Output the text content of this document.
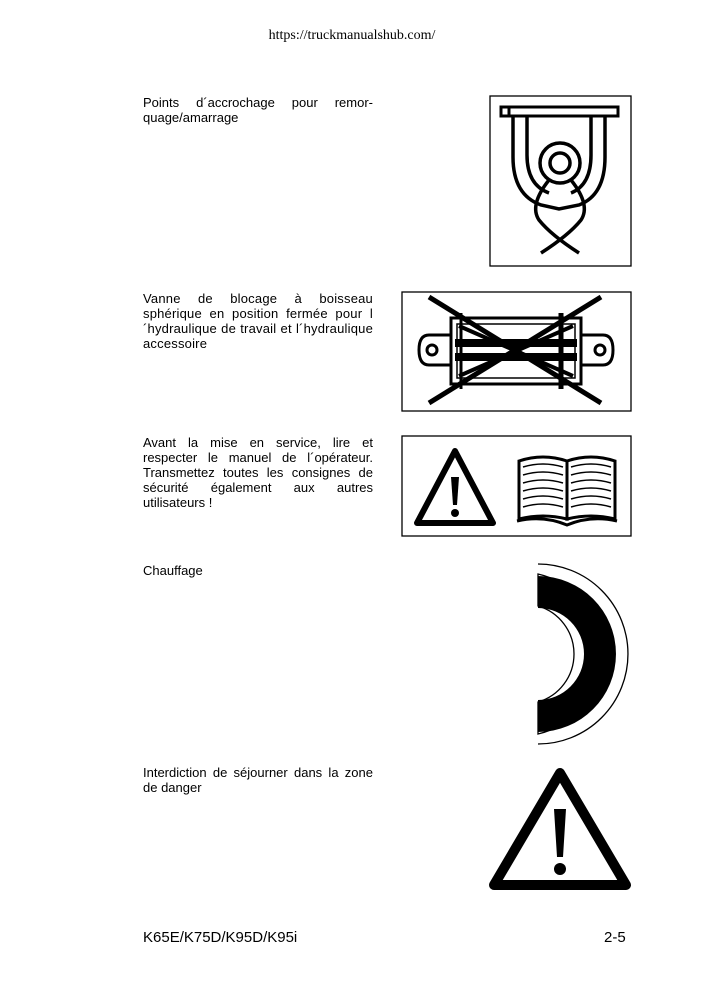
https://truckmanualshub.com/
Points d´accrochage pour remor-quage/amarrage
Vanne de blocage à boisseau sphérique en position fermée pour l´hydraulique de travail et l´hydraulique accessoire
Avant la mise en service, lire et respecter le manuel de l´opérateur. Transmettez toutes les consignes de sécurité également aux autres utilisateurs !
Chauffage
Interdiction de séjourner dans la zone de danger
K65E/K75D/K95D/K95i	2-5
